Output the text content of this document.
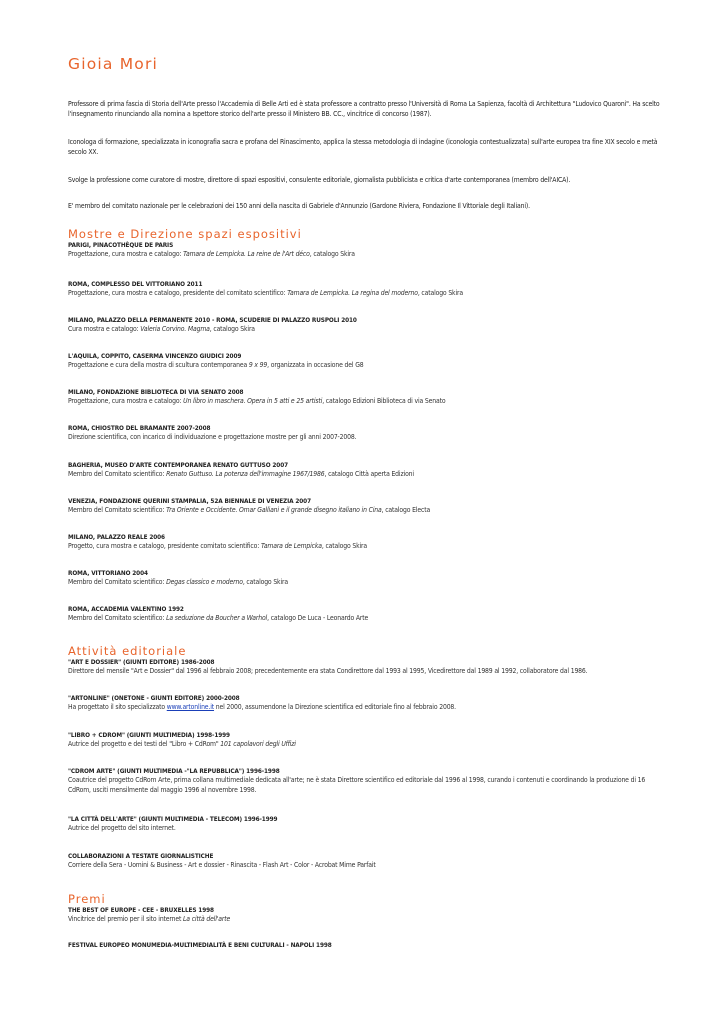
Gioia Mori

Professore di prima fascia di Storia dell'Arte presso l'Accademia di Belle Arti ed è stata professore a contratto presso l'Università di Roma La Sapienza, facoltà di Architettura "Ludovico Quaroni". Ha scelto l'insegnamento rinunciando alla nomina a Ispettore storico dell'arte presso il Ministero BB. CC., vincitrice di concorso (1987).

Iconologa di formazione, specializzata in iconografia sacra e profana del Rinascimento, applica la stessa metodologia di indagine (iconologia contestualizzata) sull'arte europea tra fine XIX secolo e metà secolo XX.

Svolge la professione come curatore di mostre, direttore di spazi espositivi, consulente editoriale, giornalista pubblicista e critica d'arte contemporanea (membro dell'AICA).

E' membro del comitato nazionale per le celebrazioni dei 150 anni della nascita di Gabriele d'Annunzio (Gardone Riviera, Fondazione Il Vittoriale degli Italiani).

Mostre e Direzione spazi espositivi
PARIGI, PINACOTHÈQUE DE PARIS
Progettazione, cura mostra e catalogo: Tamara de Lempicka. La reine de l'Art déco, catalogo Skira
ROMA, COMPLESSO DEL VITTORIANO 2011
Progettazione, cura mostra e catalogo, presidente del comitato scientifico: Tamara de Lempicka. La regina del moderno, catalogo Skira
MILANO, PALAZZO DELLA PERMANENTE 2010 - ROMA, SCUDERIE DI PALAZZO RUSPOLI 2010
Cura mostra e catalogo: Valeria Corvino. Magma, catalogo Skira
L'AQUILA, COPPITO, CASERMA VINCENZO GIUDICI 2009
Progettazione e cura della mostra di scultura contemporanea 9 x 99, organizzata in occasione del G8
MILANO, FONDAZIONE BIBLIOTECA DI VIA SENATO 2008
Progettazione, cura mostra e catalogo: Un libro in maschera. Opera in 5 atti e 25 artisti, catalogo Edizioni Biblioteca di via Senato
ROMA, CHIOSTRO DEL BRAMANTE 2007-2008
Direzione scientifica, con incarico di individuazione e progettazione mostre per gli anni 2007-2008.
BAGHERIA, MUSEO D'ARTE CONTEMPORANEA RENATO GUTTUSO 2007
Membro del Comitato scientifico: Renato Guttuso. La potenza dell'immagine 1967/1986, catalogo Città aperta Edizioni
VENEZIA, FONDAZIONE QUERINI STAMPALIA, 52A BIENNALE DI VENEZIA 2007
Membro del Comitato scientifico: Tra Oriente e Occidente. Omar Galliani e il grande disegno italiano in Cina, catalogo Electa
MILANO, PALAZZO REALE 2006
Progetto, cura mostra e catalogo, presidente comitato scientifico: Tamara de Lempicka, catalogo Skira
ROMA, VITTORIANO 2004
Membro del Comitato scientifico: Degas classico e moderno, catalogo Skira
ROMA, ACCADEMIA VALENTINO 1992
Membro del Comitato scientifico: La seduzione da Boucher a Warhol, catalogo De Luca - Leonardo Arte
Attività editoriale
"ART E DOSSIER" (GIUNTI EDITORE) 1986-2008
Direttore del mensile "Art e Dossier" dal 1996 al febbraio 2008; precedentemente era stata Condirettore dal 1993 al 1995, Vicedirettore dal 1989 al 1992, collaboratore dal 1986.
"ARTONLINE" (ONETONE - GIUNTI EDITORE) 2000-2008
Ha progettato il sito specializzato www.artonline.it nel 2000, assumendone la Direzione scientifica ed editoriale fino al febbraio 2008.
"LIBRO + CDROM" (GIUNTI MULTIMEDIA) 1998-1999
Autrice del progetto e dei testi del "Libro + CdRom" 101 capolavori degli Uffizi
"CDROM ARTE" (GIUNTI MULTIMEDIA -"LA REPUBBLICA") 1996-1998
Coautrice del progetto CdRom Arte, prima collana multimediale dedicata all'arte; ne è stata Direttore scientifico ed editoriale dal 1996 al 1998, curando i contenuti e coordinando la produzione di 16 CdRom, usciti mensilmente dal maggio 1996 al novembre 1998.
"LA CITTÀ DELL'ARTE" (GIUNTI MULTIMEDIA - TELECOM) 1996-1999
Autrice del progetto del sito internet.
COLLABORAZIONI A TESTATE GIORNALISTICHE
Corriere della Sera - Uomini & Business - Art e dossier - Rinascita - Flash Art - Color - Acrobat Mime Parfait
Premi
THE BEST OF EUROPE - CEE - BRUXELLES 1998
Vincitrice del premio per il sito internet La città dell'arte
FESTIVAL EUROPEO MONUMEDIA-MULTIMEDIALITÀ E BENI CULTURALI - NAPOLI 1998
